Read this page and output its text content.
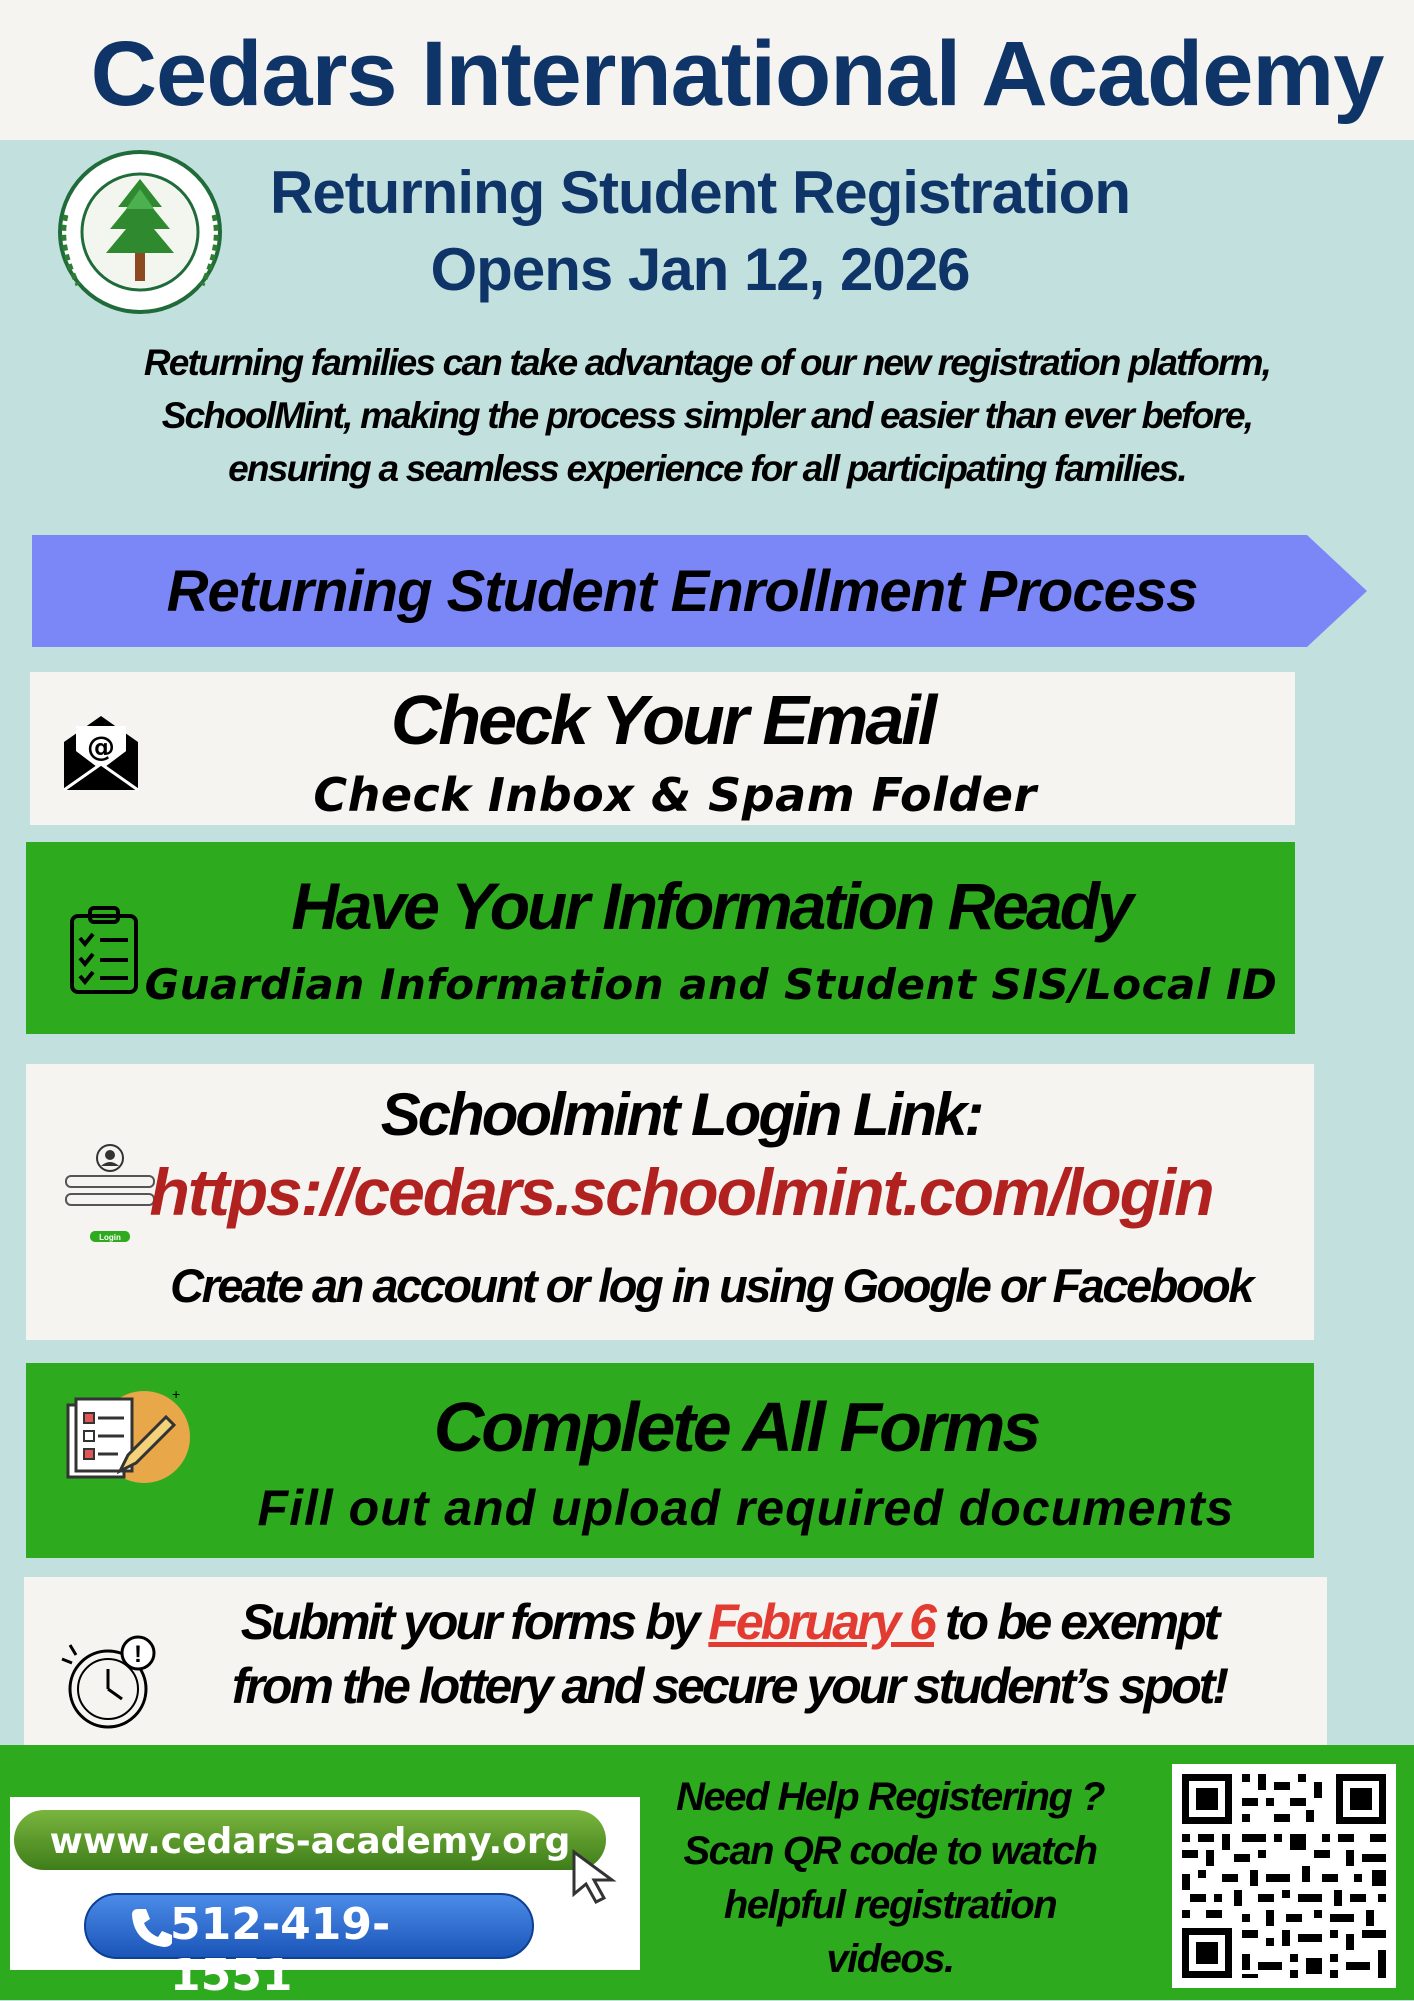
Cedars International Academy
Returning Student Registration
Opens Jan 12, 2026
Returning families can take advantage of our new registration platform,
SchoolMint, making the process simpler and easier than ever before,
ensuring a seamless experience for all participating families.
Returning Student Enrollment Process
@	Check Your Email
Check Inbox & Spam Folder
Have Your Information Ready
Guardian Information and Student SIS/Local ID
Login
Schoolmint Login Link:
https://cedars.schoolmint.com/login
Create an account or log in using Google or Facebook
+	Complete All Forms
Fill out and upload required documents
!
Submit your forms by February 6 to be exempt
from the lottery and secure your student’s spot!
www.cedars-academy.org
512-419-1551
Need Help Registering ?
Scan QR code to watch
helpful registration
videos.
